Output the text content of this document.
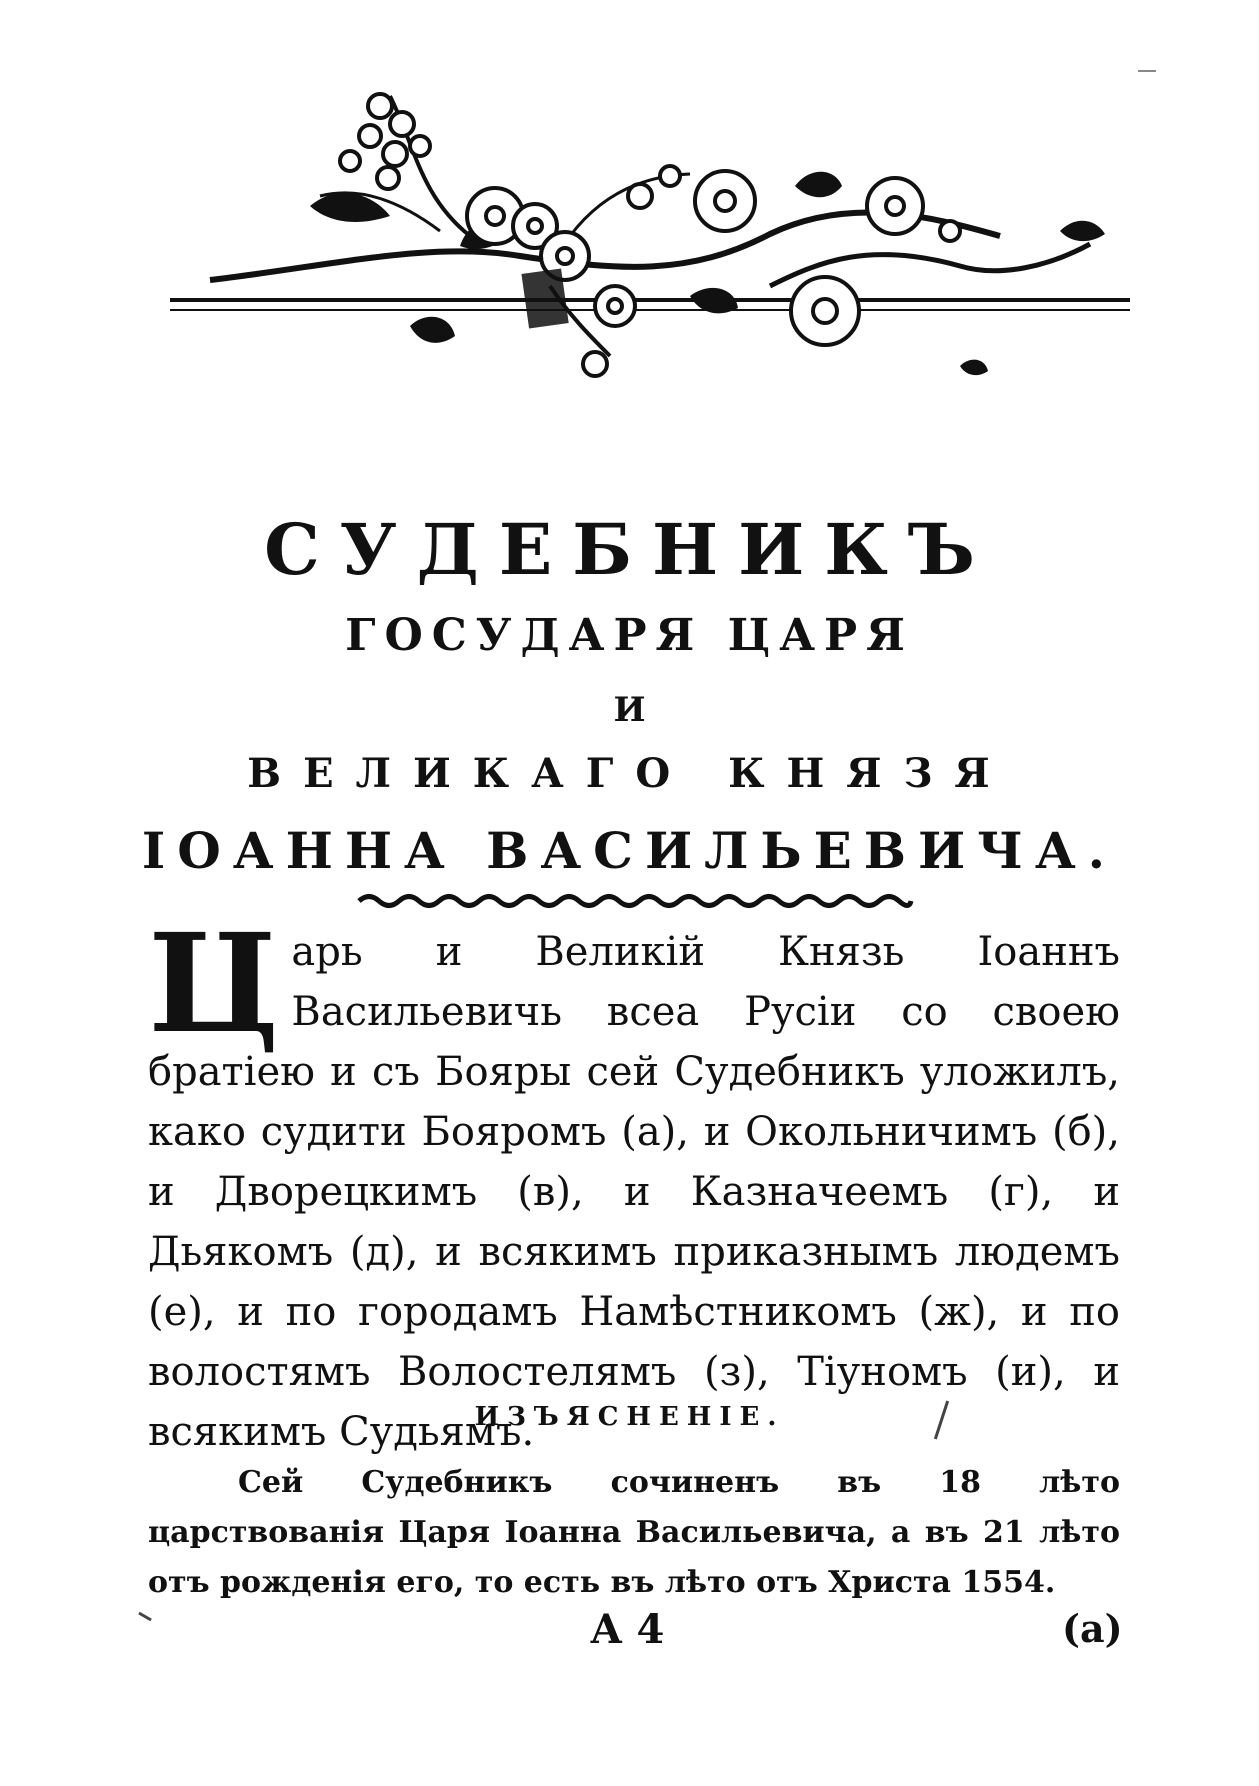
СУДЕБНИКЪ
ГОСУДАРЯ ЦАРЯ
И
ВЕЛИКАГО КНЯЗЯ
ІОАННА ВАСИЛЬЕВИЧА.

Царь и Великій Князь Іоаннъ Васильевичь всеа Русіи со своею братіею и съ Бояры сей Судебникъ уложилъ, како судити Бояромъ (а), и Окольничимъ (б), и Дворецкимъ (в), и Казначеемъ (г), и Дьякомъ (д), и всякимъ приказнымъ людемъ (е), и по городамъ Намѣстникомъ (ж), и по волостямъ Волостелямъ (з), Тіуномъ (и), и всякимъ Судьямъ.

ИЗЪЯСНЕНІЕ.

Сей Судебникъ сочиненъ въ 18 лѣто царствованія Царя Іоанна Васильевича, а въ 21 лѣто отъ рожденія его, то есть въ лѣто отъ Христа 1554.

А 4	(а)
